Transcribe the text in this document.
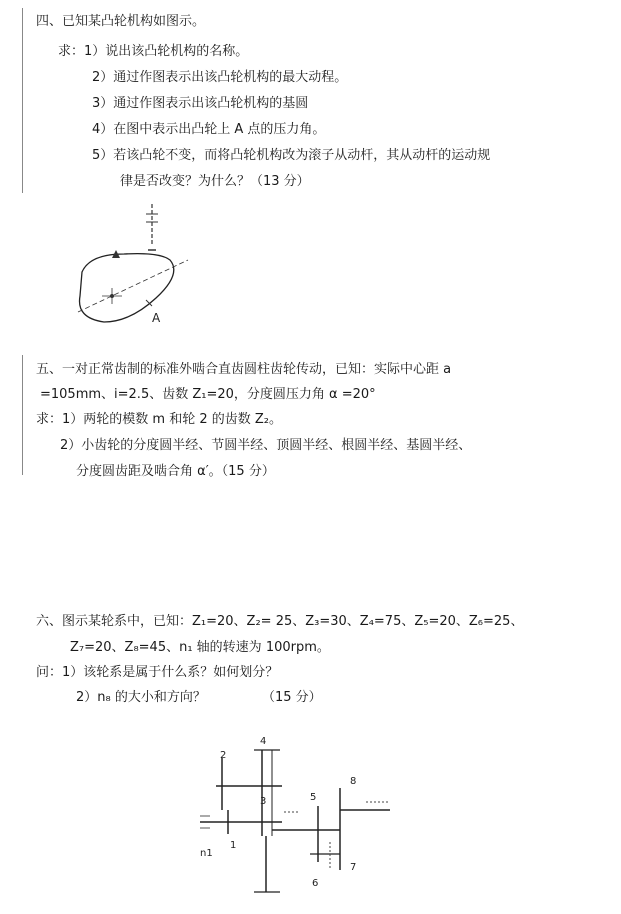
四、已知某凸轮机构如图示。
求：1）说出该凸轮机构的名称。
2）通过作图表示出该凸轮机构的最大动程。
3）通过作图表示出该凸轮机构的基圆
4）在图中表示出凸轮上 A 点的压力角。
5）若该凸轮不变，而将凸轮机构改为滚子从动杆，其从动杆的运动规
律是否改变？为什么？（13 分）
A
五、一对正常齿制的标准外啮合直齿圆柱齿轮传动，已知：实际中心距 a
=105mm、i=2.5、齿数 Z₁=20，分度圆压力角 α =20°
求：1）两轮的模数 m 和轮 2 的齿数 Z₂。
2）小齿轮的分度圆半经、节圆半经、顶圆半经、根圆半经、基圆半经、
分度圆齿距及啮合角 α′。（15 分）
六、图示某轮系中，已知：Z₁=20、Z₂= 25、Z₃=30、Z₄=75、Z₅=20、Z₆=25、
Z₇=20、Z₈=45、n₁ 轴的转速为 100rpm。
问：1）该轮系是属于什么系？如何划分？
2）n₈ 的大小和方向？	（15 分）
2
4
3	5
8
1
n1
7
6
